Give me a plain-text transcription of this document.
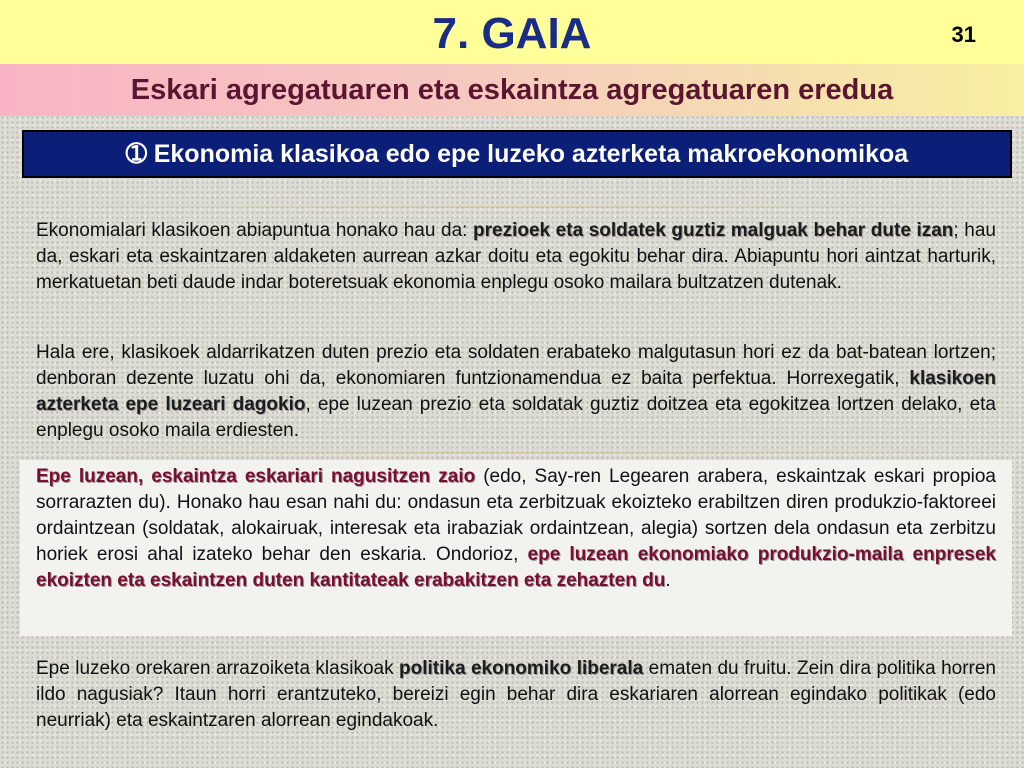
7. GAIA	31
Eskari agregatuaren eta eskaintza agregatuaren eredua
➀ Ekonomia klasikoa edo epe luzeko azterketa makroekonomikoa

Ekonomialari klasikoen abiapuntua honako hau da: prezioek eta soldatek guztiz malguak behar dute izan; hau da, eskari eta eskaintzaren aldaketen aurrean azkar doitu eta egokitu behar dira. Abiapuntu hori aintzat harturik, merkatuetan beti daude indar boteretsuak ekonomia enplegu osoko mailara bultzatzen dutenak.

Hala ere, klasikoek aldarrikatzen duten prezio eta soldaten erabateko malgutasun hori ez da bat-batean lortzen; denboran dezente luzatu ohi da, ekonomiaren funtzionamendua ez baita perfektua. Horrexegatik, klasikoen azterketa epe luzeari dagokio, epe luzean prezio eta soldatak guztiz doitzea eta egokitzea lortzen delako, eta enplegu osoko maila erdiesten.

Epe luzean, eskaintza eskariari nagusitzen zaio (edo, Say-ren Legearen arabera, eskaintzak eskari propioa sorrarazten du). Honako hau esan nahi du: ondasun eta zerbitzuak ekoizteko erabiltzen diren produkzio-faktoreei ordaintzean (soldatak, alokairuak, interesak eta irabaziak ordaintzean, alegia) sortzen dela ondasun eta zerbitzu horiek erosi ahal izateko behar den eskaria. Ondorioz, epe luzean ekonomiako produkzio-maila enpresek ekoizten eta eskaintzen duten kantitateak erabakitzen eta zehazten du.

Epe luzeko orekaren arrazoiketa klasikoak politika ekonomiko liberala ematen du fruitu. Zein dira politika horren ildo nagusiak? Itaun horri erantzuteko, bereizi egin behar dira eskariaren alorrean egindako politikak (edo neurriak) eta eskaintzaren alorrean egindakoak.
